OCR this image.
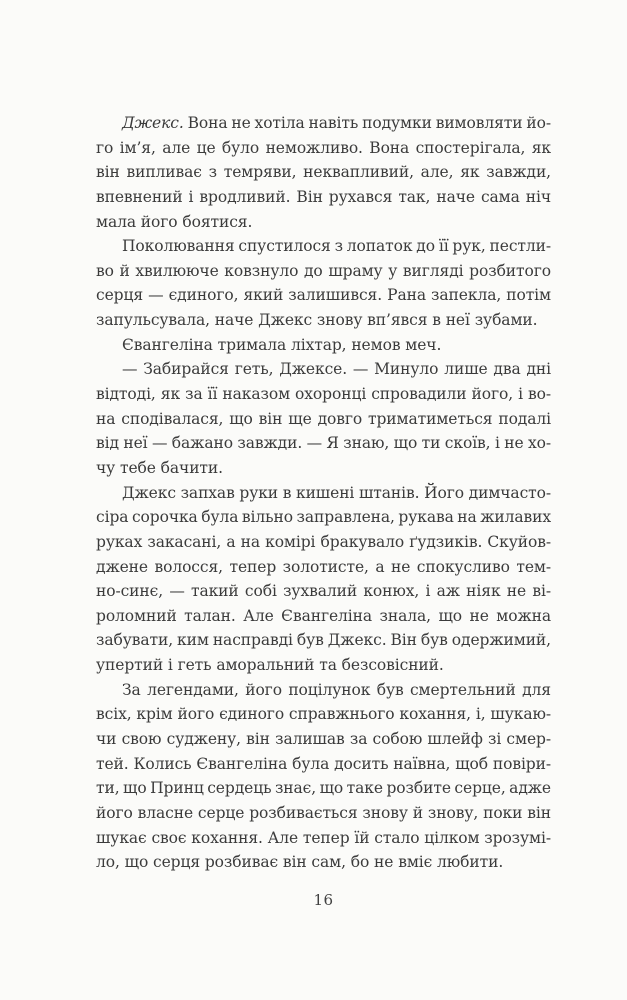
Джекс. Вона не хотіла навіть подумки вимовляти йо-
го ім’я, але це було неможливо. Вона спостерігала, як
він випливає з темряви, неквапливий, але, як завжди,
впевнений і вродливий. Він рухався так, наче сама ніч
мала його боятися.
Поколювання спустилося з лопаток до її рук, пестли-
во й хвилююче ковзнуло до шраму у вигляді розбитого
серця — єдиного, який залишився. Рана запекла, потім
запульсувала, наче Джекс знову вп’явся в неї зубами.
Євангеліна тримала ліхтар, немов меч.
— Забирайся геть, Джексе. — Минуло лише два дні
відтоді, як за її наказом охоронці спровадили його, і во-
на сподівалася, що він ще довго триматиметься подалі
від неї — бажано завжди. — Я знаю, що ти скоїв, і не хо-
чу тебе бачити.
Джекс запхав руки в кишені штанів. Його димчасто-
сіра сорочка була вільно заправлена, рукава на жилавих
руках закасані, а на комірі бракувало ґудзиків. Скуйов-
джене волосся, тепер золотисте, а не спокусливо тем-
но-синє, — такий собі зухвалий конюх, і аж ніяк не ві-
роломний талан. Але Євангеліна знала, що не можна
забувати, ким насправді був Джекс. Він був одержимий,
упертий і геть аморальний та безсовісний.
За легендами, його поцілунок був смертельний для
всіх, крім його єдиного справжнього кохання, і, шукаю-
чи свою суджену, він залишав за собою шлейф зі смер-
тей. Колись Євангеліна була досить наївна, щоб повіри-
ти, що Принц сердець знає, що таке розбите серце, адже
його власне серце розбивається знову й знову, поки він
шукає своє кохання. Але тепер їй стало цілком зрозумі-
ло, що серця розбиває він сам, бо не вміє любити.
16
